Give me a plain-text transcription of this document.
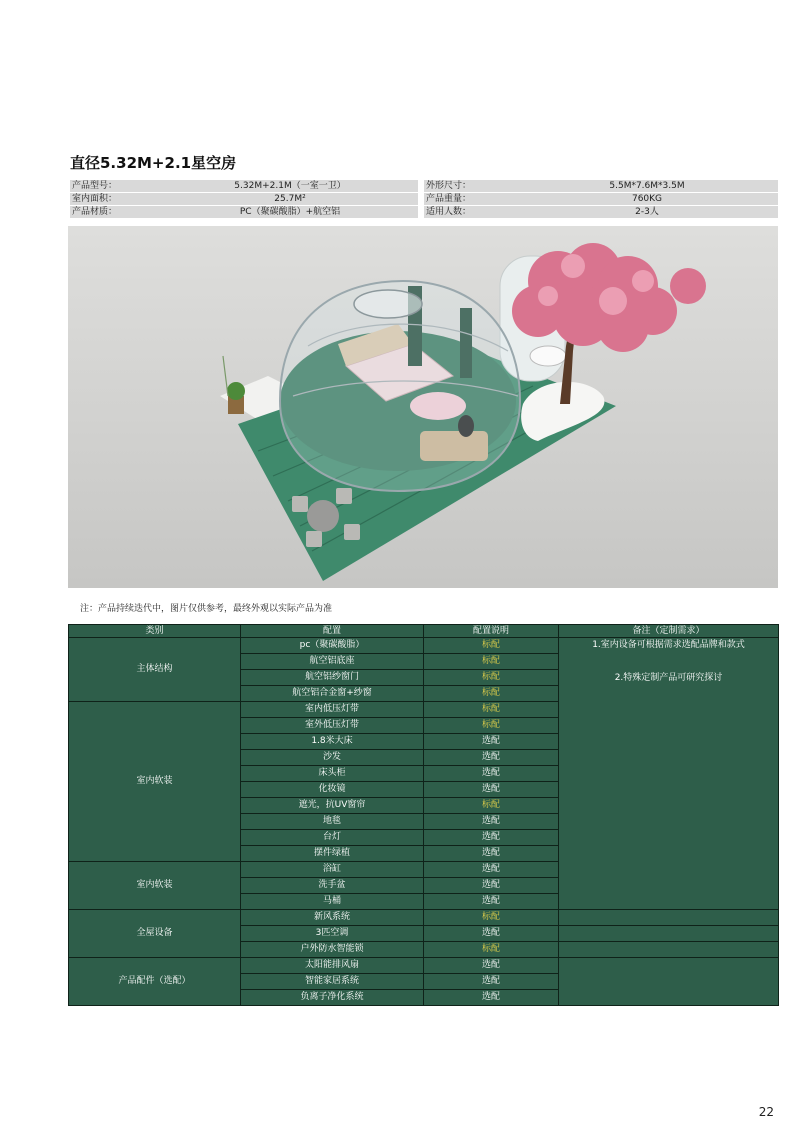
直径5.32M+2.1星空房
产品型号：	5.32M+2.1M（一室一卫）	外形尺寸：	5.5M*7.6M*3.5M
室内面积：	25.7M²	产品重量：	760KG
产品材质：	PC（聚碳酸脂）+航空铝	适用人数：	2-3人
注：产品持续迭代中，图片仅供参考，最终外观以实际产品为准
类别	配置	配置说明	备注（定制需求）
主体结构	pc（聚碳酸脂）	标配	1.室内设备可根据需求选配品牌和款式
2.特殊定制产品可研究探讨

	航空铝底座	标配	
	航空铝纱窗门	标配	
	航空铝合金窗+纱窗	标配	
室内软装	室内低压灯带	标配	
	室外低压灯带	标配	
	1.8米大床	选配	
	沙发	选配	
	床头柜	选配	
	化妆镜	选配	
	遮光，抗UV窗帘	标配	
	地毯	选配	
	台灯	选配	
	摆件绿植	选配	
室内软装	浴缸	选配	
	洗手盆	选配	
	马桶	选配	
全屋设备	新风系统	标配	
	3匹空调	选配	
	户外防水智能锁	标配	
产品配件（选配）	太阳能排风扇	选配	
	智能家居系统	选配	
	负离子净化系统	选配	
22
